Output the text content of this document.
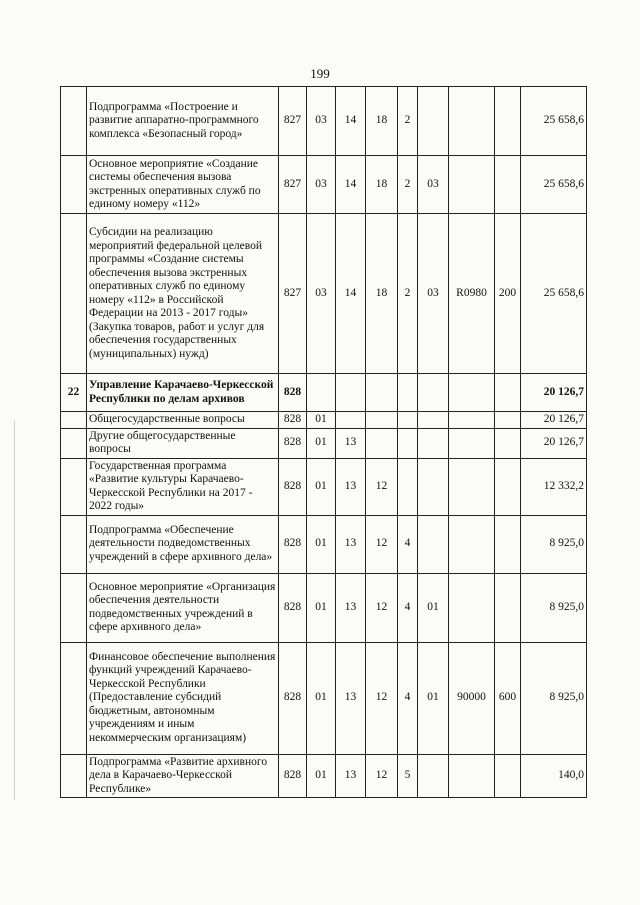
199
	Подпрограмма «Построение и развитие аппаратно-программного комплекса «Безопасный город»	827	03	14	18	2				25 658,6
	Основное мероприятие «Создание системы обеспечения вызова экстренных оперативных служб по единому номеру «112»	827	03	14	18	2	03			25 658,6
	Субсидии на реализацию мероприятий федеральной целевой программы «Создание системы обеспечения вызова экстренных оперативных служб по единому номеру «112» в Российской Федерации на 2013 - 2017 годы» (Закупка товаров, работ и услуг для обеспечения государственных (муниципальных) нужд)	827	03	14	18	2	03	R0980	200	25 658,6
22	Управление Карачаево-Черкесской Республики по делам архивов	828								20 126,7
	Общегосударственные вопросы	828	01							20 126,7
	Другие общегосударственные вопросы	828	01	13						20 126,7
	Государственная программа «Развитие культуры Карачаево-Черкесской Республики на 2017 - 2022 годы»	828	01	13	12					12 332,2
	Подпрограмма «Обеспечение деятельности подведомственных учреждений в сфере архивного дела»	828	01	13	12	4				8 925,0
	Основное мероприятие «Организация обеспечения деятельности подведомственных учреждений в сфере архивного дела»	828	01	13	12	4	01			8 925,0
	Финансовое обеспечение выполнения функций учреждений Карачаево-Черкесской Республики (Предоставление субсидий бюджетным, автономным учреждениям и иным некоммерческим организациям)	828	01	13	12	4	01	90000	600	8 925,0
	Подпрограмма «Развитие архивного дела в Карачаево-Черкесской Республике»	828	01	13	12	5				140,0
